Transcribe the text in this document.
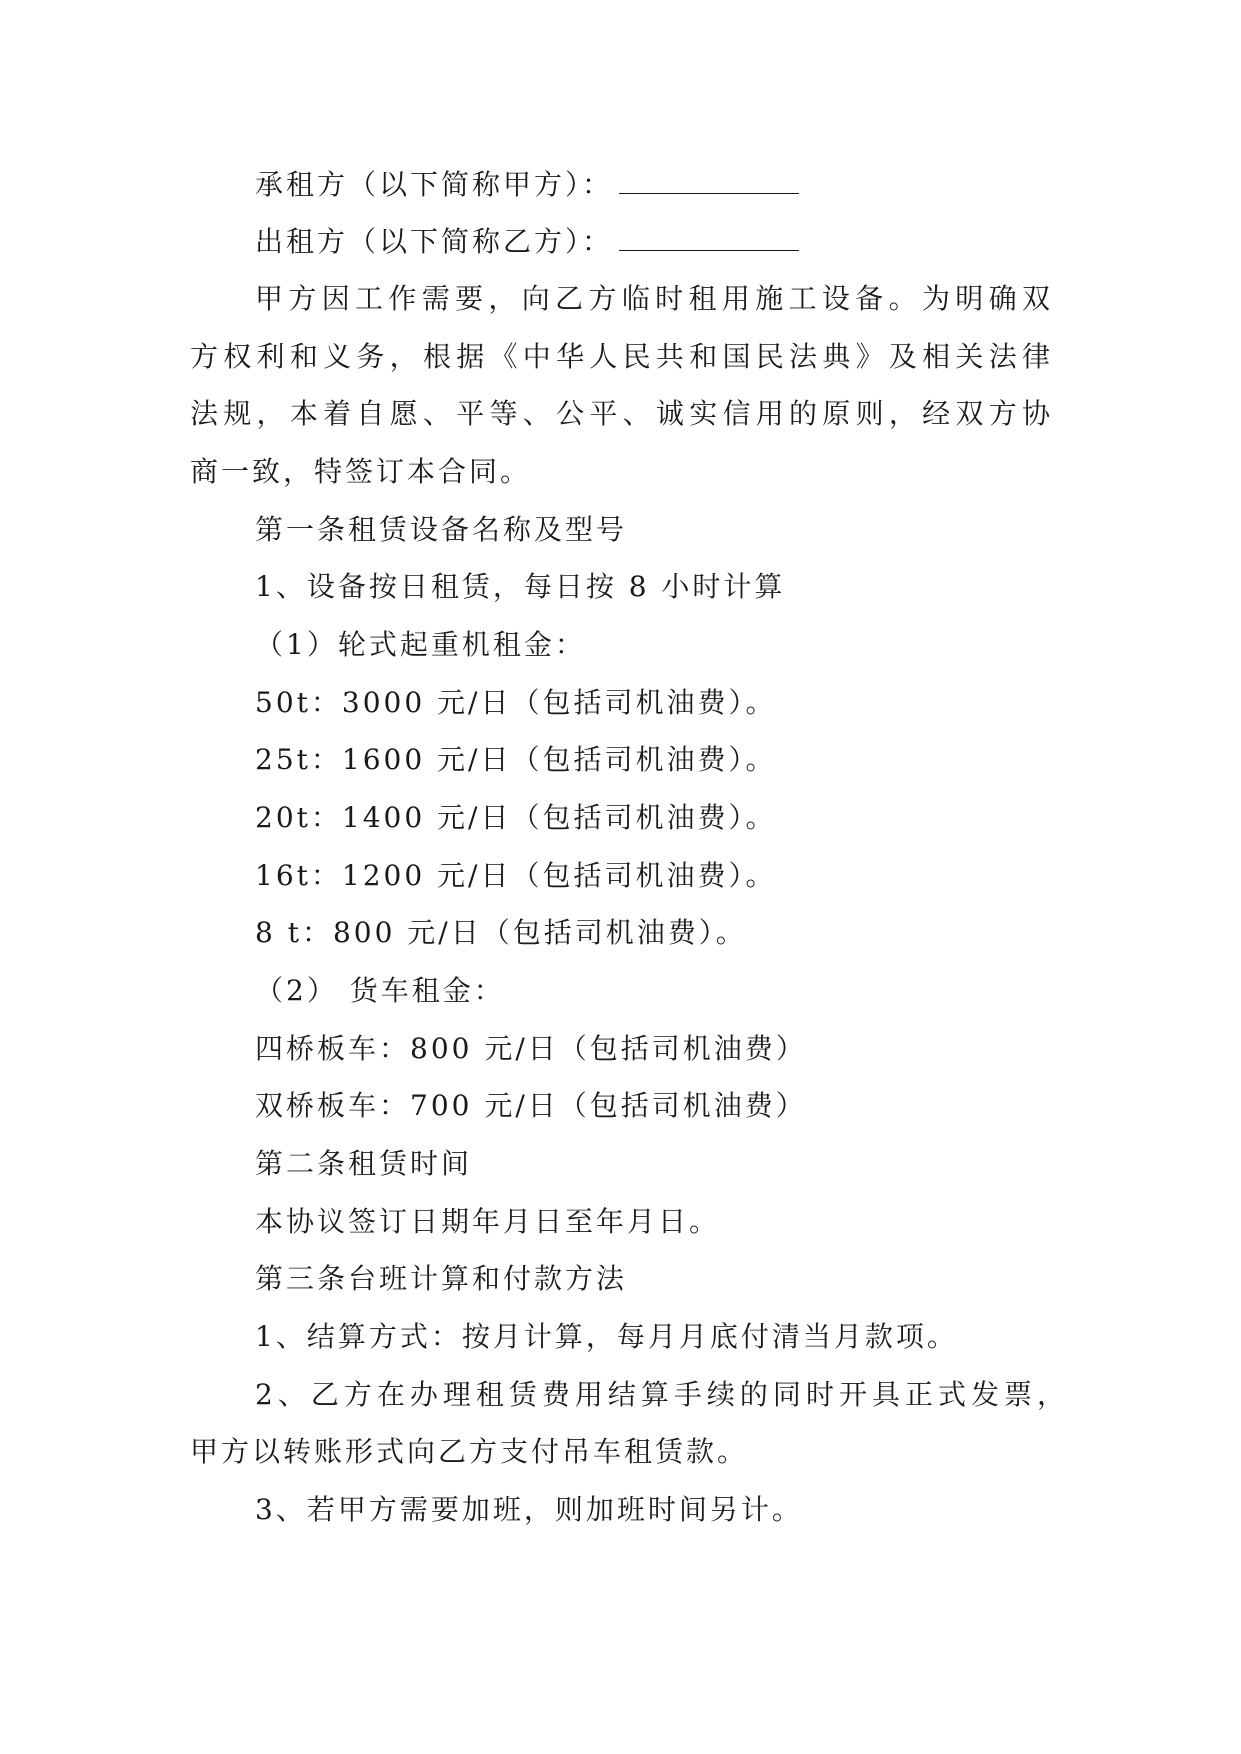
承租方（以下简称甲方）：
出租方（以下简称乙方）：
甲方因工作需要，向乙方临时租用施工设备。为明确双
方权利和义务，根据《中华人民共和国民法典》及相关法律
法规，本着自愿、平等、公平、诚实信用的原则，经双方协
商一致，特签订本合同。
第一条租赁设备名称及型号
1、设备按日租赁，每日按 8 小时计算
（1）轮式起重机租金：
50t：3000 元/日（包括司机油费）。
25t：1600 元/日（包括司机油费）。
20t：1400 元/日（包括司机油费）。
16t：1200 元/日（包括司机油费）。
8 t：800 元/日（包括司机油费）。
（2） 货车租金：
四桥板车：800 元/日（包括司机油费）
双桥板车：700 元/日（包括司机油费）
第二条租赁时间
本协议签订日期年月日至年月日。
第三条台班计算和付款方法
1、结算方式：按月计算，每月月底付清当月款项。
2、乙方在办理租赁费用结算手续的同时开具正式发票，
甲方以转账形式向乙方支付吊车租赁款。
3、若甲方需要加班，则加班时间另计。
